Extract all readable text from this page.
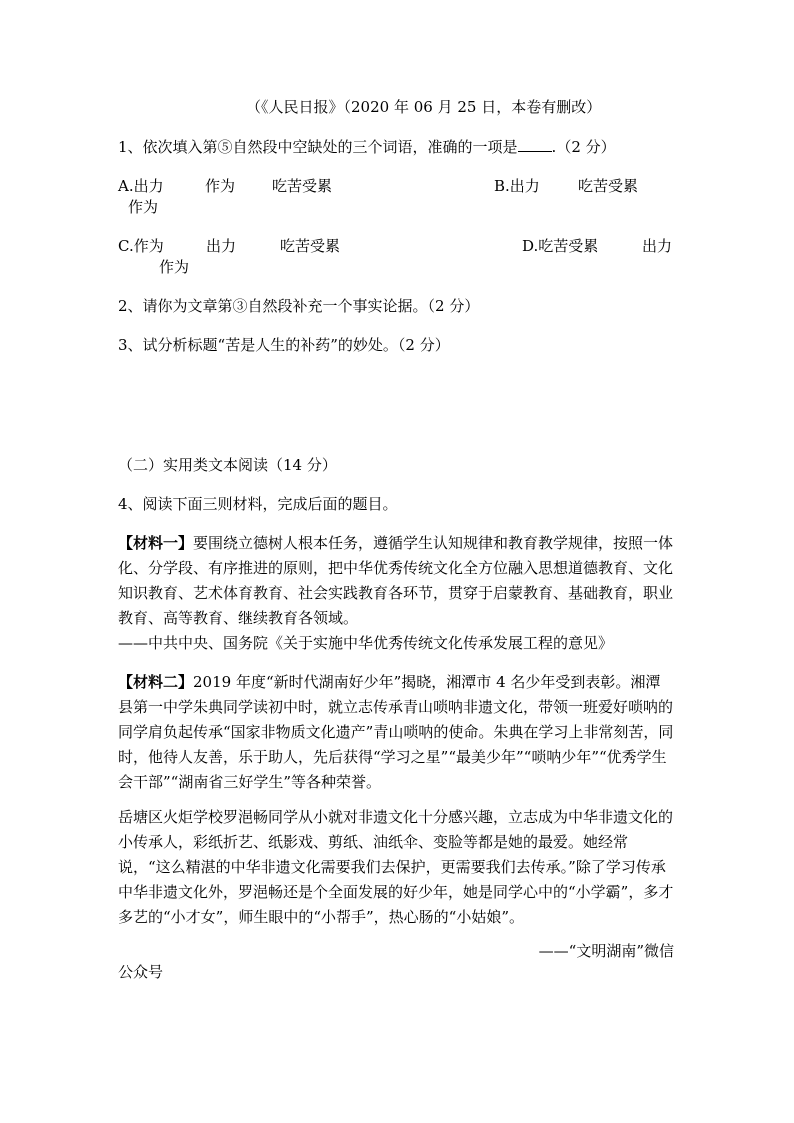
（《人民日报》（2020 年 06 月 25 日，本卷有删改）
1、依次填入第⑤自然段中空缺处的三个词语，准确的一项是 .（2 分）
A.出力	作为 吃苦受累	B.出力	吃苦受累
作为
C.作为	出力	吃苦受累	D.吃苦受累	出力
作为
2、请你为文章第③自然段补充一个事实论据。（2 分）
3、试分析标题“苦是人生的补药”的妙处。（2 分）
（二）实用类文本阅读（14 分）
4、阅读下面三则材料，完成后面的题目。
【材料一】要围绕立德树人根本任务，遵循学生认知规律和教育教学规律，按照一体化、分学段、有序推进的原则，把中华优秀传统文化全方位融入思想道德教育、文化知识教育、艺术体育教育、社会实践教育各环节，贯穿于启蒙教育、基础教育，职业教育、高等教育、继续教育各领域。
——中共中央、国务院《关于实施中华优秀传统文化传承发展工程的意见》
【材料二】2019 年度“新时代湖南好少年”揭晓，湘潭市 4 名少年受到表彰。湘潭县第一中学朱典同学读初中时，就立志传承青山唢呐非遗文化，带领一班爱好唢呐的同学肩负起传承“国家非物质文化遗产”青山唢呐的使命。朱典在学习上非常刻苦，同时，他待人友善，乐于助人，先后获得“学习之星”“最美少年”“唢呐少年”“优秀学生会干部”“湖南省三好学生”等各种荣誉。
岳塘区火炬学校罗浥畅同学从小就对非遗文化十分感兴趣，立志成为中华非遗文化的小传承人，彩纸折艺、纸影戏、剪纸、油纸伞、变脸等都是她的最爱。她经常说，“这么精湛的中华非遗文化需要我们去保护，更需要我们去传承。”除了学习传承中华非遗文化外，罗浥畅还是个全面发展的好少年，她是同学心中的“小学霸”，多才多艺的“小才女”，师生眼中的“小帮手”，热心肠的“小姑娘”。
——“文明湖南”微信
公众号
